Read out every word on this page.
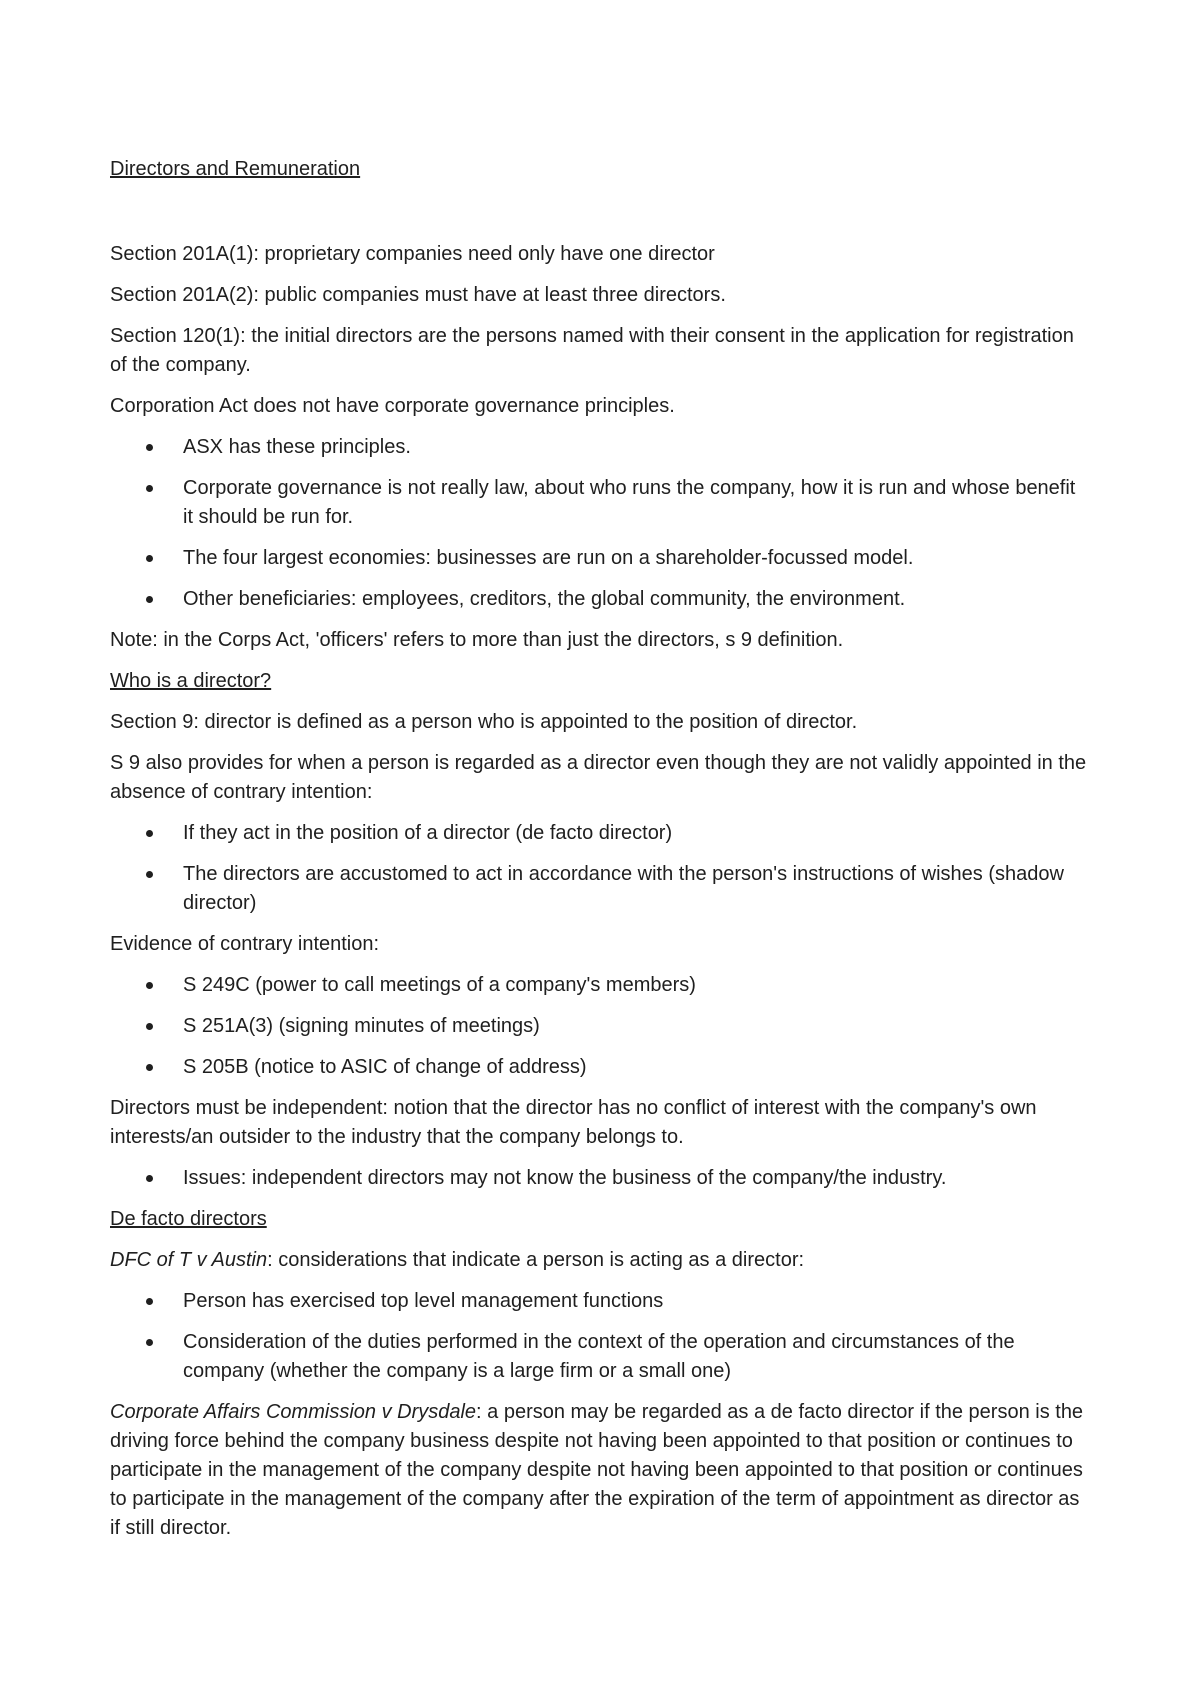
Directors and Remuneration
Section 201A(1): proprietary companies need only have one director
Section 201A(2): public companies must have at least three directors.
Section 120(1): the initial directors are the persons named with their consent in the application for registration of the company.
Corporation Act does not have corporate governance principles.
ASX has these principles.
Corporate governance is not really law, about who runs the company, how it is run and whose benefit it should be run for.
The four largest economies: businesses are run on a shareholder-focussed model.
Other beneficiaries: employees, creditors, the global community, the environment.
Note: in the Corps Act, 'officers' refers to more than just the directors, s 9 definition.
Who is a director?
Section 9: director is defined as a person who is appointed to the position of director.
S 9 also provides for when a person is regarded as a director even though they are not validly appointed in the absence of contrary intention:
If they act in the position of a director (de facto director)
The directors are accustomed to act in accordance with the person's instructions of wishes (shadow director)
Evidence of contrary intention:
S 249C (power to call meetings of a company's members)
S 251A(3) (signing minutes of meetings)
S 205B (notice to ASIC of change of address)
Directors must be independent: notion that the director has no conflict of interest with the company's own interests/an outsider to the industry that the company belongs to.
Issues: independent directors may not know the business of the company/the industry.
De facto directors
DFC of T v Austin: considerations that indicate a person is acting as a director:
Person has exercised top level management functions
Consideration of the duties performed in the context of the operation and circumstances of the company (whether the company is a large firm or a small one)
Corporate Affairs Commission v Drysdale: a person may be regarded as a de facto director if the person is the driving force behind the company business despite not having been appointed to that position or continues to participate in the management of the company despite not having been appointed to that position or continues to participate in the management of the company after the expiration of the term of appointment as director as if still director.
